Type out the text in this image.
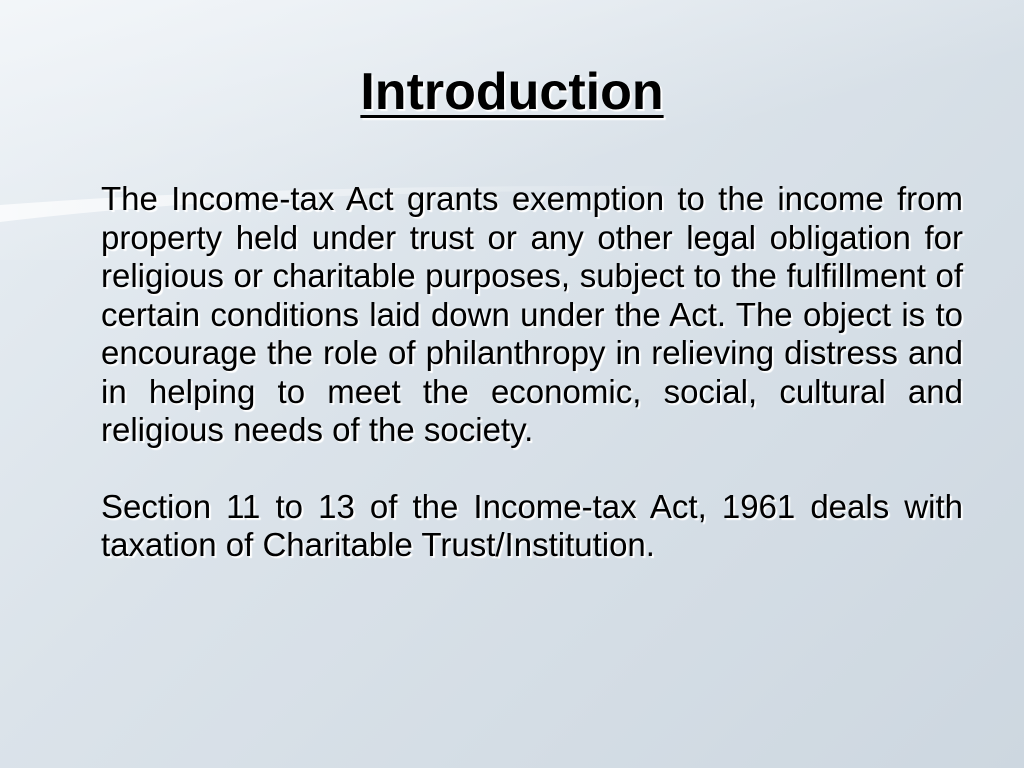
Introduction

The Income-tax Act grants exemption to the income from property held under trust or any other legal obligation for religious or charitable purposes, subject to the fulfillment of certain conditions laid down under the Act. The object is to encourage the role of philanthropy in relieving distress and in helping to meet the economic, social, cultural and religious needs of the society.

Section 11 to 13 of the Income-tax Act, 1961 deals with taxation of Charitable Trust/Institution.
